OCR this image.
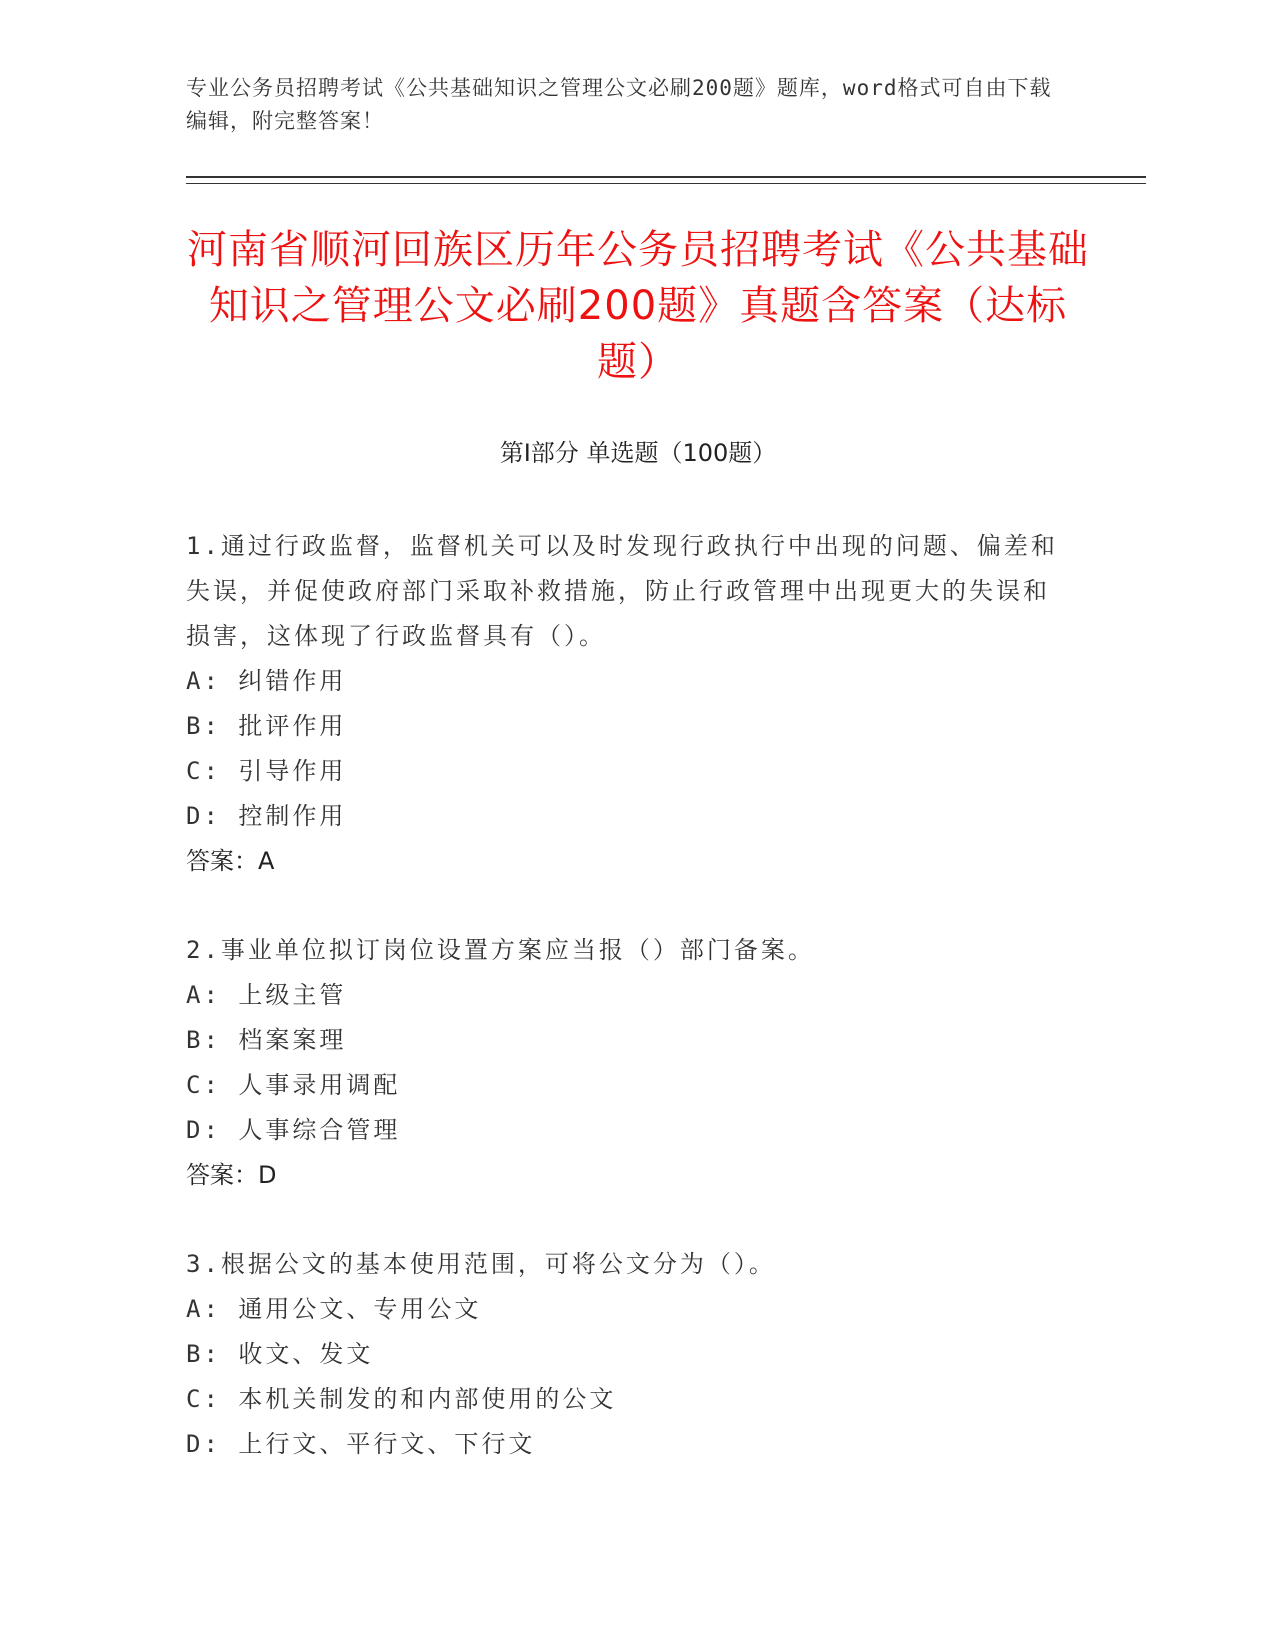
专业公务员招聘考试《公共基础知识之管理公文必刷200题》题库，word格式可自由下载编辑，附完整答案！
河南省顺河回族区历年公务员招聘考试《公共基础知识之管理公文必刷200题》真题含答案（达标题）
第I部分 单选题（100题）

1.通过行政监督，监督机关可以及时发现行政执行中出现的问题、偏差和失误，并促使政府部门采取补救措施，防止行政管理中出现更大的失误和损害，这体现了行政监督具有（）。

A: 纠错作用

B: 批评作用

C: 引导作用

D: 控制作用

答案：A

2.事业单位拟订岗位设置方案应当报（）部门备案。

A: 上级主管

B: 档案案理

C: 人事录用调配

D: 人事综合管理

答案：D

3.根据公文的基本使用范围，可将公文分为（）。

A: 通用公文、专用公文

B: 收文、发文

C: 本机关制发的和内部使用的公文

D: 上行文、平行文、下行文
